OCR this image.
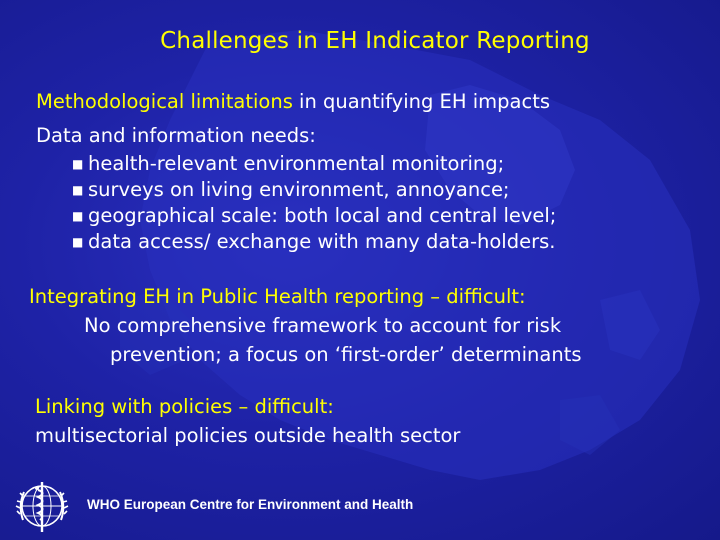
Challenges in EH Indicator Reporting
Methodological limitations in quantifying EH impacts
Data and information needs:
■ health-relevant environmental monitoring;
■ surveys on living environment, annoyance;
■ geographical scale: both local and central level;
■ data access/ exchange with many data-holders.
Integrating EH in Public Health reporting – difficult:
No comprehensive framework to account for risk
prevention; a focus on ‘first-order’ determinants
Linking with policies – difficult:
multisectorial policies outside health sector
WHO European Centre for Environment and Health
